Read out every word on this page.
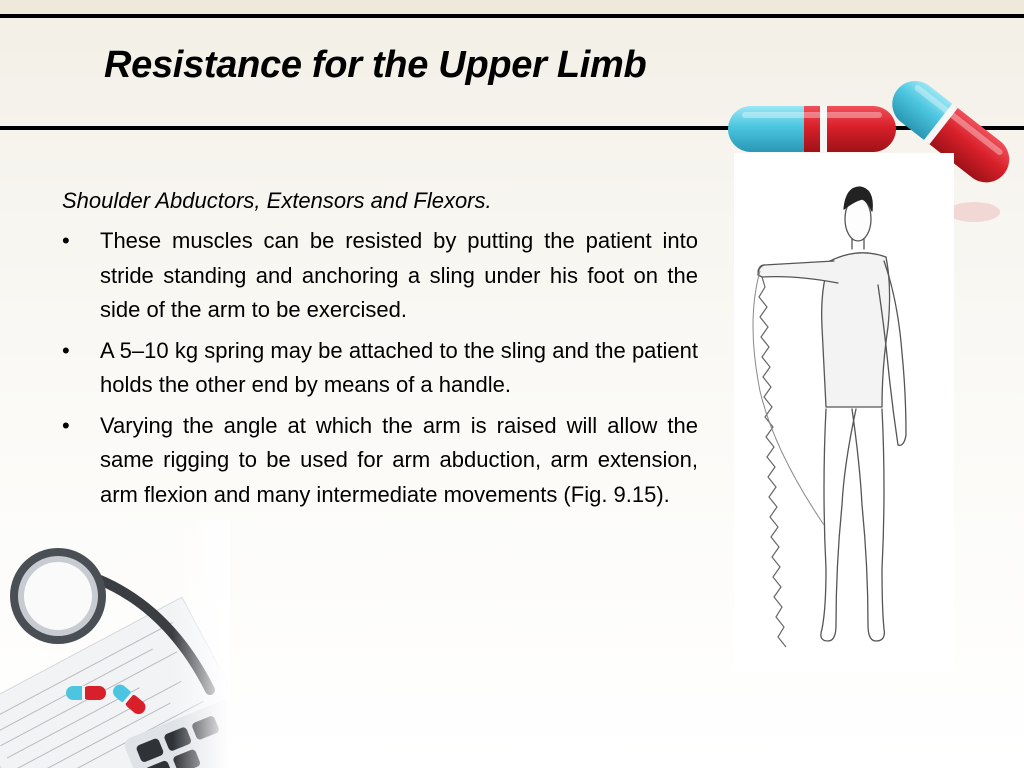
Resistance for the Upper Limb

Shoulder Abductors, Extensors and Flexors.

• These muscles can be resisted by putting the patient into stride standing and anchoring a sling under his foot on the side of the arm to be exercised.
• A 5–10 kg spring may be attached to the sling and the patient holds the other end by means of a handle.
• Varying the angle at which the arm is raised will allow the same rigging to be used for arm abduction, arm extension, arm flexion and many intermediate movements (Fig. 9.15).
